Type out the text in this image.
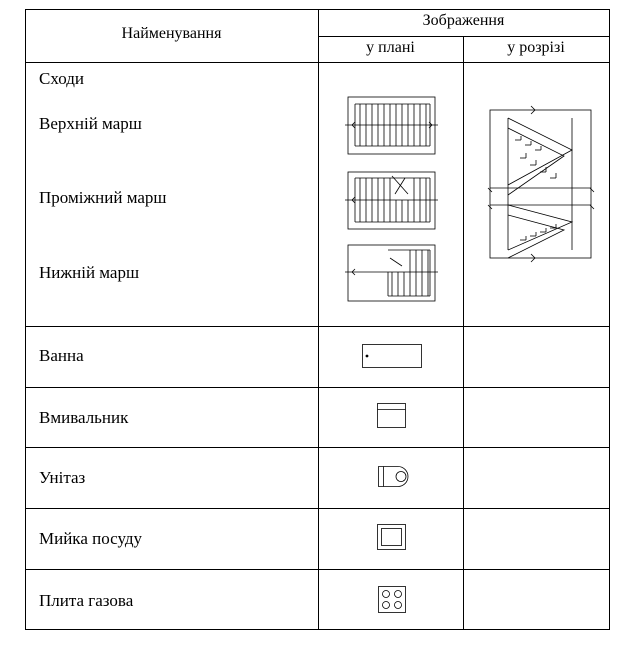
Найменування
Зображення
у плані	у розрізі
Сходи
Верхній марш
Проміжний марш
Нижній марш
Ванна
Вмивальник
Унітаз
Мийка посуду
Плита газова
